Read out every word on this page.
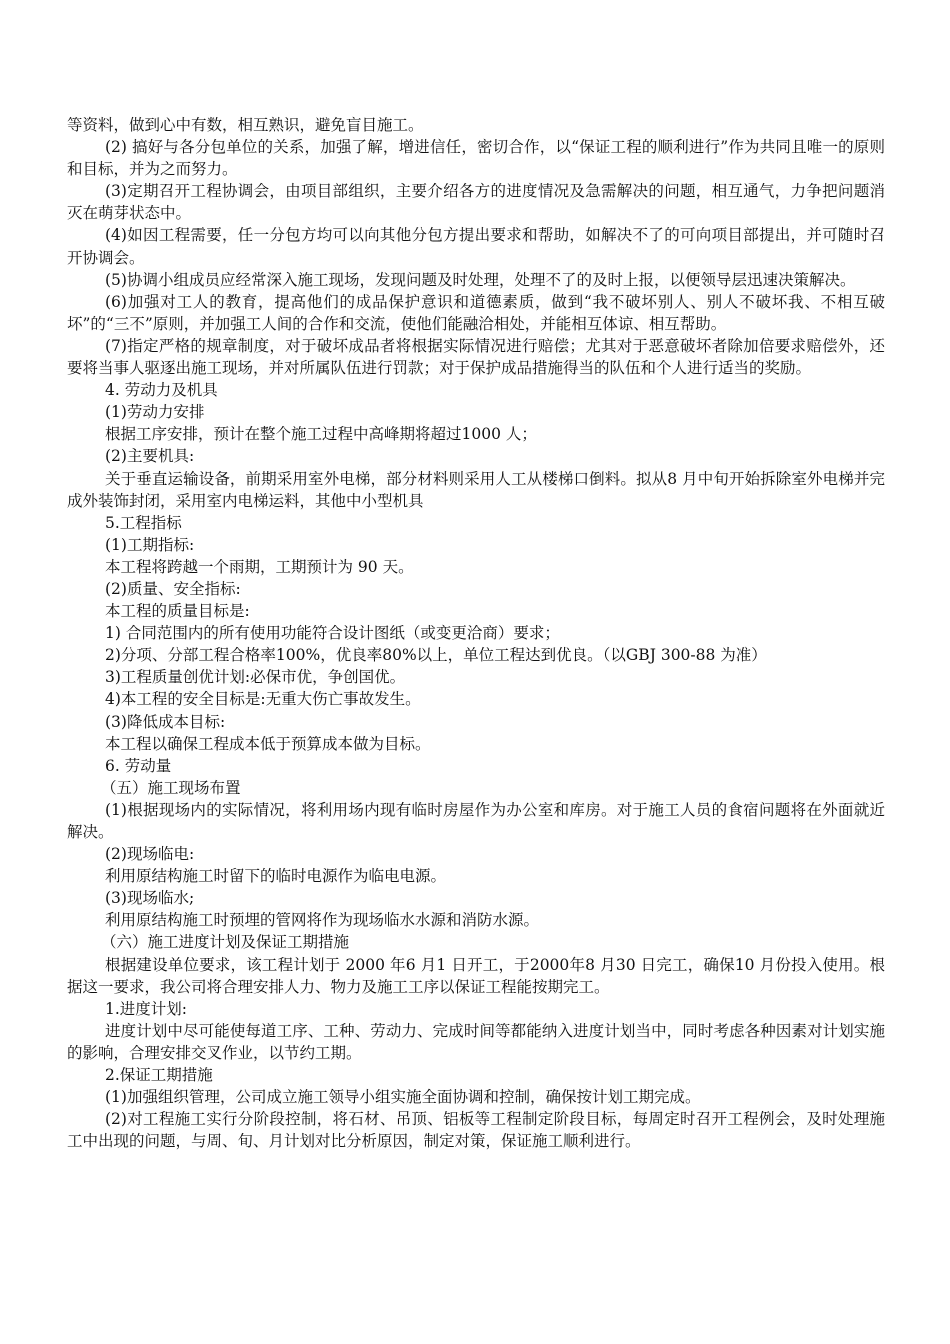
等资料，做到心中有数，相互熟识，避免盲目施工。

(2) 搞好与各分包单位的关系，加强了解，增进信任，密切合作，以“保证工程的顺利进行”作为共同且唯一的原则和目标，并为之而努力。

(3)定期召开工程协调会，由项目部组织，主要介绍各方的进度情况及急需解决的问题，相互通气，力争把问题消灭在萌芽状态中。

(4)如因工程需要，任一分包方均可以向其他分包方提出要求和帮助，如解决不了的可向项目部提出，并可随时召开协调会。

(5)协调小组成员应经常深入施工现场，发现问题及时处理，处理不了的及时上报，以便领导层迅速决策解决。

(6)加强对工人的教育，提高他们的成品保护意识和道德素质，做到“我不破坏别人、别人不破坏我、不相互破坏”的“三不”原则，并加强工人间的合作和交流，使他们能融洽相处，并能相互体谅、相互帮助。

(7)指定严格的规章制度，对于破坏成品者将根据实际情况进行赔偿；尤其对于恶意破坏者除加倍要求赔偿外，还要将当事人驱逐出施工现场，并对所属队伍进行罚款；对于保护成品措施得当的队伍和个人进行适当的奖励。

4. 劳动力及机具

(1)劳动力安排

根据工序安排，预计在整个施工过程中高峰期将超过1000 人；

(2)主要机具:

关于垂直运输设备，前期采用室外电梯，部分材料则采用人工从楼梯口倒料。拟从8 月中旬开始拆除室外电梯并完成外装饰封闭，采用室内电梯运料，其他中小型机具

5.工程指标

(1)工期指标:

本工程将跨越一个雨期，工期预计为 90 天。

(2)质量、安全指标:

本工程的质量目标是:

1) 合同范围内的所有使用功能符合设计图纸（或变更洽商）要求；

2)分项、分部工程合格率100%，优良率80%以上，单位工程达到优良。（以GBJ 300-88 为准）

3)工程质量创优计划:必保市优，争创国优。

4)本工程的安全目标是:无重大伤亡事故发生。

(3)降低成本目标:

本工程以确保工程成本低于预算成本做为目标。

6. 劳动量

（五）施工现场布置

(1)根据现场内的实际情况，将利用场内现有临时房屋作为办公室和库房。对于施工人员的食宿问题将在外面就近解决。

(2)现场临电:

利用原结构施工时留下的临时电源作为临电电源。

(3)现场临水;

利用原结构施工时预埋的管网将作为现场临水水源和消防水源。

（六）施工进度计划及保证工期措施

根据建设单位要求，该工程计划于 2000 年6 月1 日开工，于2000年8 月30 日完工，确保10 月份投入使用。根据这一要求，我公司将合理安排人力、物力及施工工序以保证工程能按期完工。

1.进度计划:

进度计划中尽可能使每道工序、工种、劳动力、完成时间等都能纳入进度计划当中，同时考虑各种因素对计划实施的影响，合理安排交叉作业，以节约工期。

2.保证工期措施

(1)加强组织管理，公司成立施工领导小组实施全面协调和控制，确保按计划工期完成。

(2)对工程施工实行分阶段控制，将石材、吊顶、铝板等工程制定阶段目标，每周定时召开工程例会，及时处理施工中出现的问题，与周、旬、月计划对比分析原因，制定对策，保证施工顺利进行。
